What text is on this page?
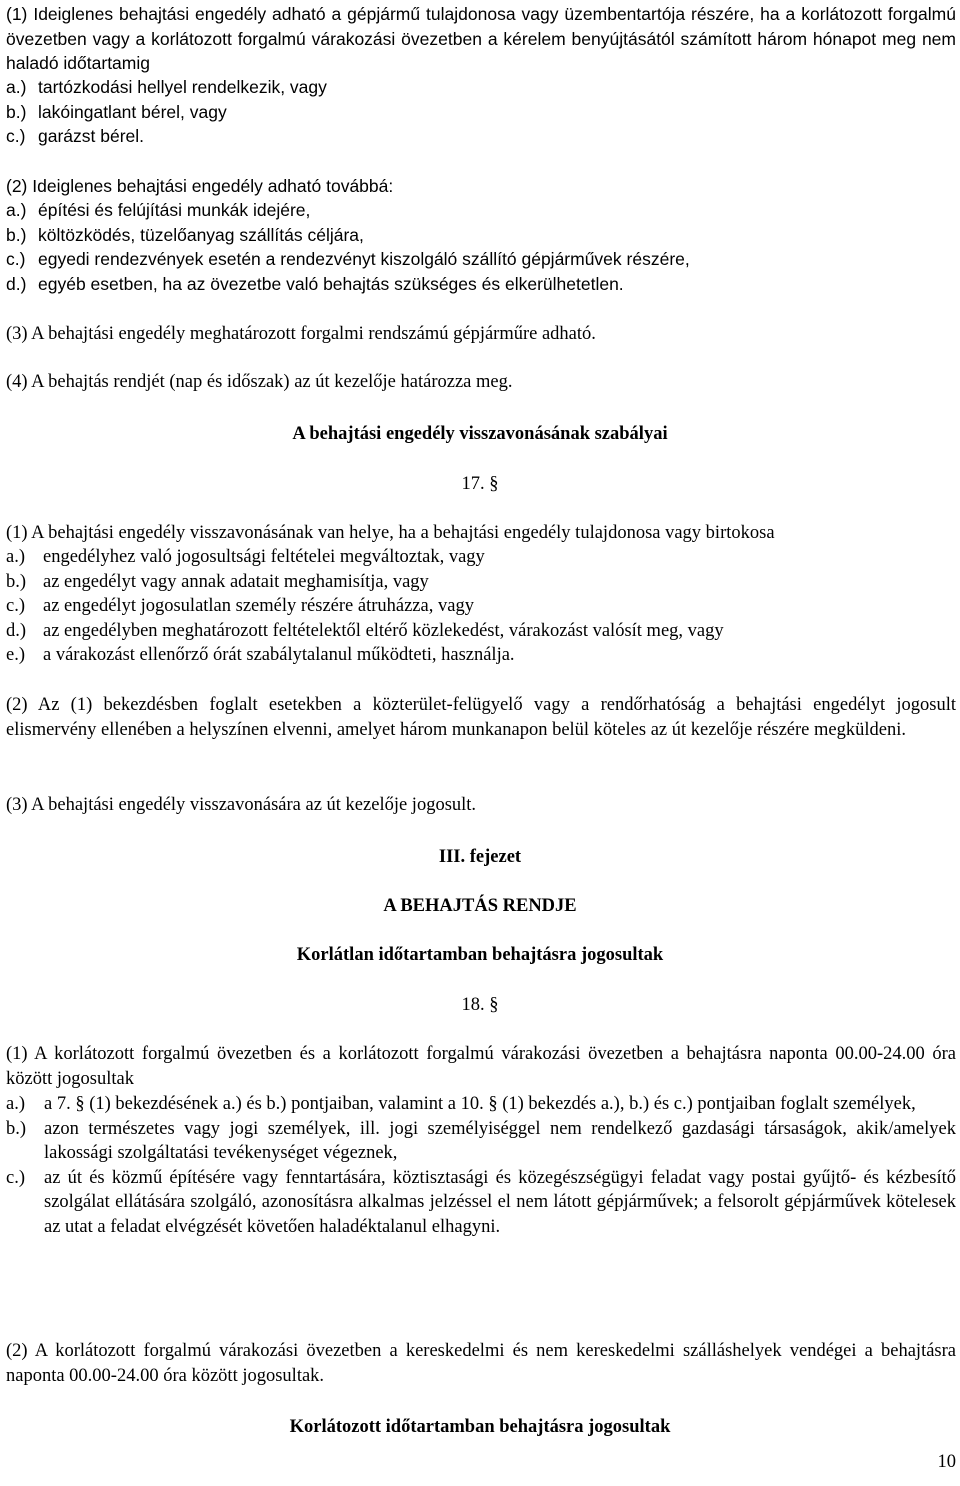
(1) Ideiglenes behajtási engedély adható a gépjármű tulajdonosa vagy üzembentartója részére, ha a korlátozott forgalmú övezetben vagy a korlátozott forgalmú várakozási övezetben a kérelem benyújtásától számított három hónapot meg nem haladó időtartamig
a.) tartózkodási hellyel rendelkezik, vagy
b.) lakóingatlant bérel, vagy
c.) garázst bérel.
(2) Ideiglenes behajtási engedély adható továbbá:
a.) építési és felújítási munkák idejére,
b.) költözködés, tüzelőanyag szállítás céljára,
c.) egyedi rendezvények esetén a rendezvényt kiszolgáló szállító gépjárművek részére,
d.) egyéb esetben, ha az övezetbe való behajtás szükséges és elkerülhetetlen.
(3) A behajtási engedély meghatározott forgalmi rendszámú gépjárműre adható.
(4) A behajtás rendjét (nap és időszak) az út kezelője határozza meg.
A behajtási engedély visszavonásának szabályai
17. §
(1) A behajtási engedély visszavonásának van helye, ha a behajtási engedély tulajdonosa vagy birtokosa
a.) engedélyhez való jogosultsági feltételei megváltoztak, vagy
b.) az engedélyt vagy annak adatait meghamisítja, vagy
c.) az engedélyt jogosulatlan személy részére átruházza, vagy
d.) az engedélyben meghatározott feltételektől eltérő közlekedést, várakozást valósít meg, vagy
e.) a várakozást ellenőrző órát szabálytalanul működteti, használja.
(2) Az (1) bekezdésben foglalt esetekben a közterület-felügyelő vagy a rendőrhatóság a behajtási engedélyt jogosult elismervény ellenében a helyszínen elvenni, amelyet három munkanapon belül köteles az út kezelője részére megküldeni.
(3) A behajtási engedély visszavonására az út kezelője jogosult.
III. fejezet
A BEHAJTÁS RENDJE
Korlátlan időtartamban behajtásra jogosultak
18. §
(1) A korlátozott forgalmú övezetben és a korlátozott forgalmú várakozási övezetben a behajtásra naponta 00.00-24.00 óra között jogosultak
a.)	a 7. § (1) bekezdésének a.) és b.) pontjaiban, valamint a 10. § (1) bekezdés a.), b.) és c.) pontjaiban foglalt személyek,
b.) azon természetes vagy jogi személyek, ill. jogi személyiséggel nem rendelkező gazdasági társaságok, akik/amelyek lakossági szolgáltatási tevékenységet végeznek,
c.)	az út és közmű építésére vagy fenntartására, köztisztasági és közegészségügyi feladat vagy postai gyűjtő- és kézbesítő szolgálat ellátására szolgáló, azonosításra alkalmas jelzéssel el nem látott gépjárművek; a felsorolt gépjárművek kötelesek az utat a feladat elvégzését követően haladéktalanul elhagyni.
(2) A korlátozott forgalmú várakozási övezetben a kereskedelmi és nem kereskedelmi szálláshelyek vendégei a behajtásra naponta 00.00-24.00 óra között jogosultak.
Korlátozott időtartamban behajtásra jogosultak
10
